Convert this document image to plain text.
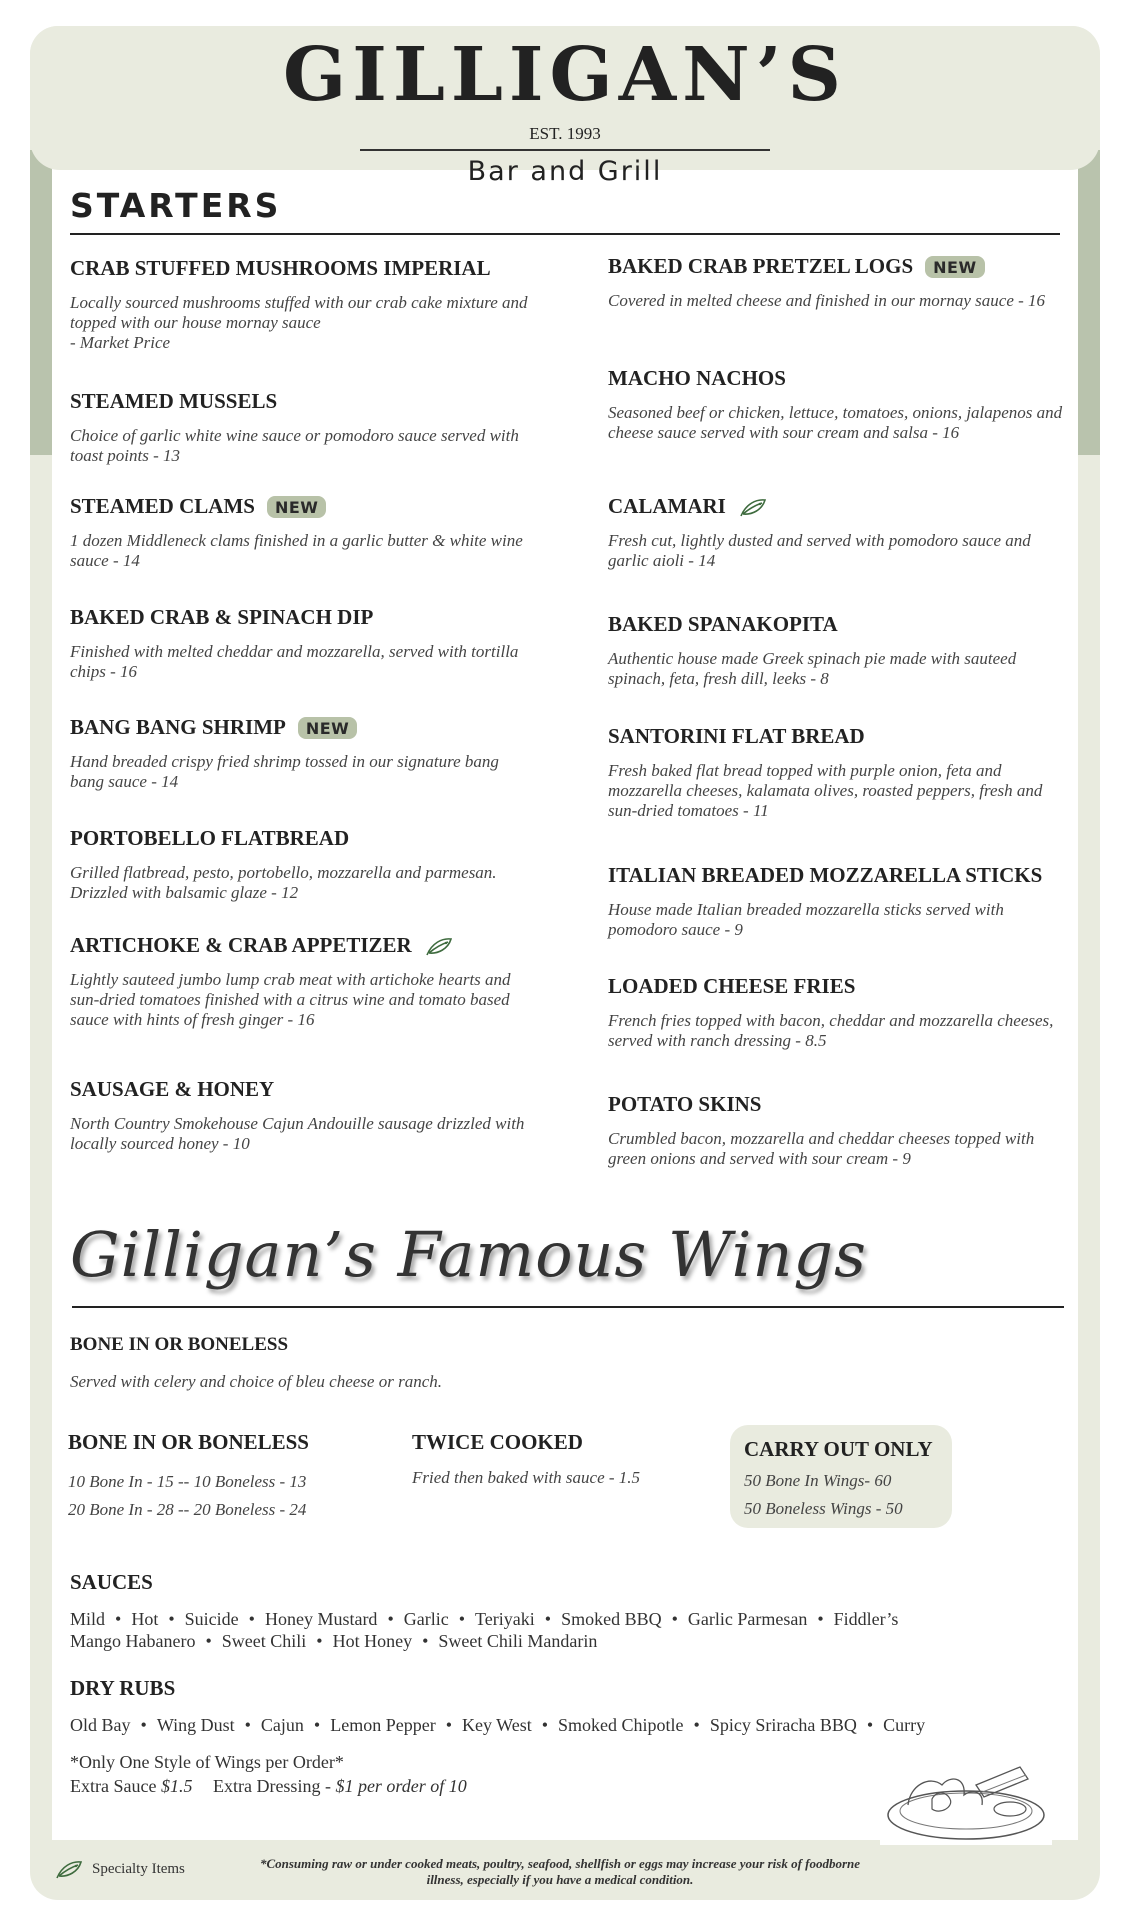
GILLIGAN’S
EST. 1993
Bar and Grill
STARTERS
CRAB STUFFED MUSHROOMS IMPERIAL

Locally sourced mushrooms stuffed with our crab cake mixture and topped with our house mornay sauce
- Market Price

STEAMED MUSSELS

Choice of garlic white wine sauce or pomodoro sauce served with toast points - 13

STEAMED CLAMS	NEW

1 dozen Middleneck clams finished in a garlic butter & white wine sauce - 14

BAKED CRAB & SPINACH DIP

Finished with melted cheddar and mozzarella, served with tortilla chips - 16

BANG BANG SHRIMP	NEW

Hand breaded crispy fried shrimp tossed in our signature bang bang sauce - 14

PORTOBELLO FLATBREAD

Grilled flatbread, pesto, portobello, mozzarella and parmesan. Drizzled with balsamic glaze - 12

ARTICHOKE & CRAB APPETIZER

Lightly sauteed jumbo lump crab meat with artichoke hearts and sun-dried tomatoes finished with a citrus wine and tomato based sauce with hints of fresh ginger - 16

SAUSAGE & HONEY

North Country Smokehouse Cajun Andouille sausage drizzled with locally sourced honey - 10

BAKED CRAB PRETZEL LOGS	NEW

Covered in melted cheese and finished in our mornay sauce - 16

MACHO NACHOS

Seasoned beef or chicken, lettuce, tomatoes, onions, jalapenos and cheese sauce served with sour cream and salsa - 16

CALAMARI

Fresh cut, lightly dusted and served with pomodoro sauce and garlic aioli - 14

BAKED SPANAKOPITA

Authentic house made Greek spinach pie made with sauteed spinach, feta, fresh dill, leeks - 8

SANTORINI FLAT BREAD

Fresh baked flat bread topped with purple onion, feta and mozzarella cheeses, kalamata olives, roasted peppers, fresh and sun-dried tomatoes - 11

ITALIAN BREADED MOZZARELLA STICKS

House made Italian breaded mozzarella sticks served with pomodoro sauce - 9

LOADED CHEESE FRIES

French fries topped with bacon, cheddar and mozzarella cheeses, served with ranch dressing - 8.5

POTATO SKINS

Crumbled bacon, mozzarella and cheddar cheeses topped with green onions and served with sour cream - 9

Gilligan’s Famous Wings
BONE IN OR BONELESS
Served with celery and choice of bleu cheese or ranch.
BONE IN OR BONELESS
10 Bone In - 15 -- 10 Boneless - 13
20 Bone In - 28 -- 20 Boneless - 24
TWICE COOKED
Fried then baked with sauce - 1.5
CARRY OUT ONLY
50 Bone In Wings- 60
50 Boneless Wings - 50
SAUCES
Mild • Hot • Suicide • Honey Mustard • Garlic • Teriyaki • Smoked BBQ • Garlic Parmesan • Fiddler’s
Mango Habanero • Sweet Chili • Hot Honey • Sweet Chili Mandarin
DRY RUBS
Old Bay • Wing Dust • Cajun • Lemon Pepper • Key West • Smoked Chipotle • Spicy Sriracha BBQ • Curry
*Only One Style of Wings per Order*
Extra Sauce $1.5 Extra Dressing - $1 per order of 10
Specialty Items	*Consuming raw or under cooked meats, poultry, seafood, shellfish or eggs may increase your risk of foodborne illness, especially if you have a medical condition.
